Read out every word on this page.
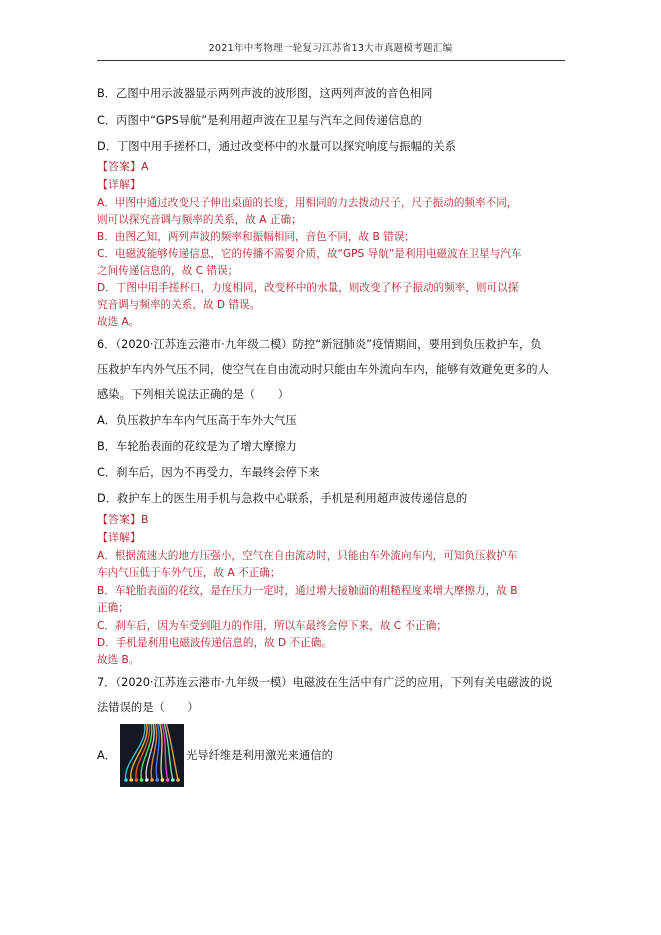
2021年中考物理一轮复习江苏省13大市真题模考题汇编
B．乙图中用示波器显示两列声波的波形图，这两列声波的音色相同
C．丙图中“GPS导航”是利用超声波在卫星与汽车之间传递信息的
D．丁图中用手搓杯口，通过改变杯中的水量可以探究响度与振幅的关系
【答案】A
【详解】
A．甲图中通过改变尺子伸出桌面的长度，用相同的力去拨动尺子，尺子振动的频率不同，
则可以探究音调与频率的关系，故 A 正确；
B．由图乙知，两列声波的频率和振幅相同，音色不同，故 B 错误；
C．电磁波能够传递信息，它的传播不需要介质，故“GPS 导航”是利用电磁波在卫星与汽车
之间传递信息的，故 C 错误；
D．丁图中用手搓杯口，力度相同，改变杯中的水量，则改变了杯子振动的频率，则可以探
究音调与频率的关系，故 D 错误。
故选 A。
6．（2020·江苏连云港市·九年级二模）防控“新冠肺炎”疫情期间，要用到负压救护车，负
压救护车内外气压不同，使空气在自由流动时只能由车外流向车内，能够有效避免更多的人
感染。下列相关说法正确的是（　　）
A．负压救护车车内气压高于车外大气压
B．车轮胎表面的花纹是为了增大摩擦力
C．刹车后，因为不再受力，车最终会停下来
D．救护车上的医生用手机与急救中心联系，手机是利用超声波传递信息的
【答案】B
【详解】
A．根据流速大的地方压强小，空气在自由流动时，只能由车外流向车内，可知负压救护车
车内气压低于车外气压，故 A 不正确；
B．车轮胎表面的花纹，是在压力一定时，通过增大接触面的粗糙程度来增大摩擦力，故 B
正确；
C．刹车后，因为车受到阻力的作用，所以车最终会停下来，故 C 不正确；
D．手机是利用电磁波传递信息的，故 D 不正确。
故选 B。
7．（2020·江苏连云港市·九年级一模）电磁波在生活中有广泛的应用，下列有关电磁波的说
法错误的是（　　）
A．	光导纤维是利用激光来通信的
